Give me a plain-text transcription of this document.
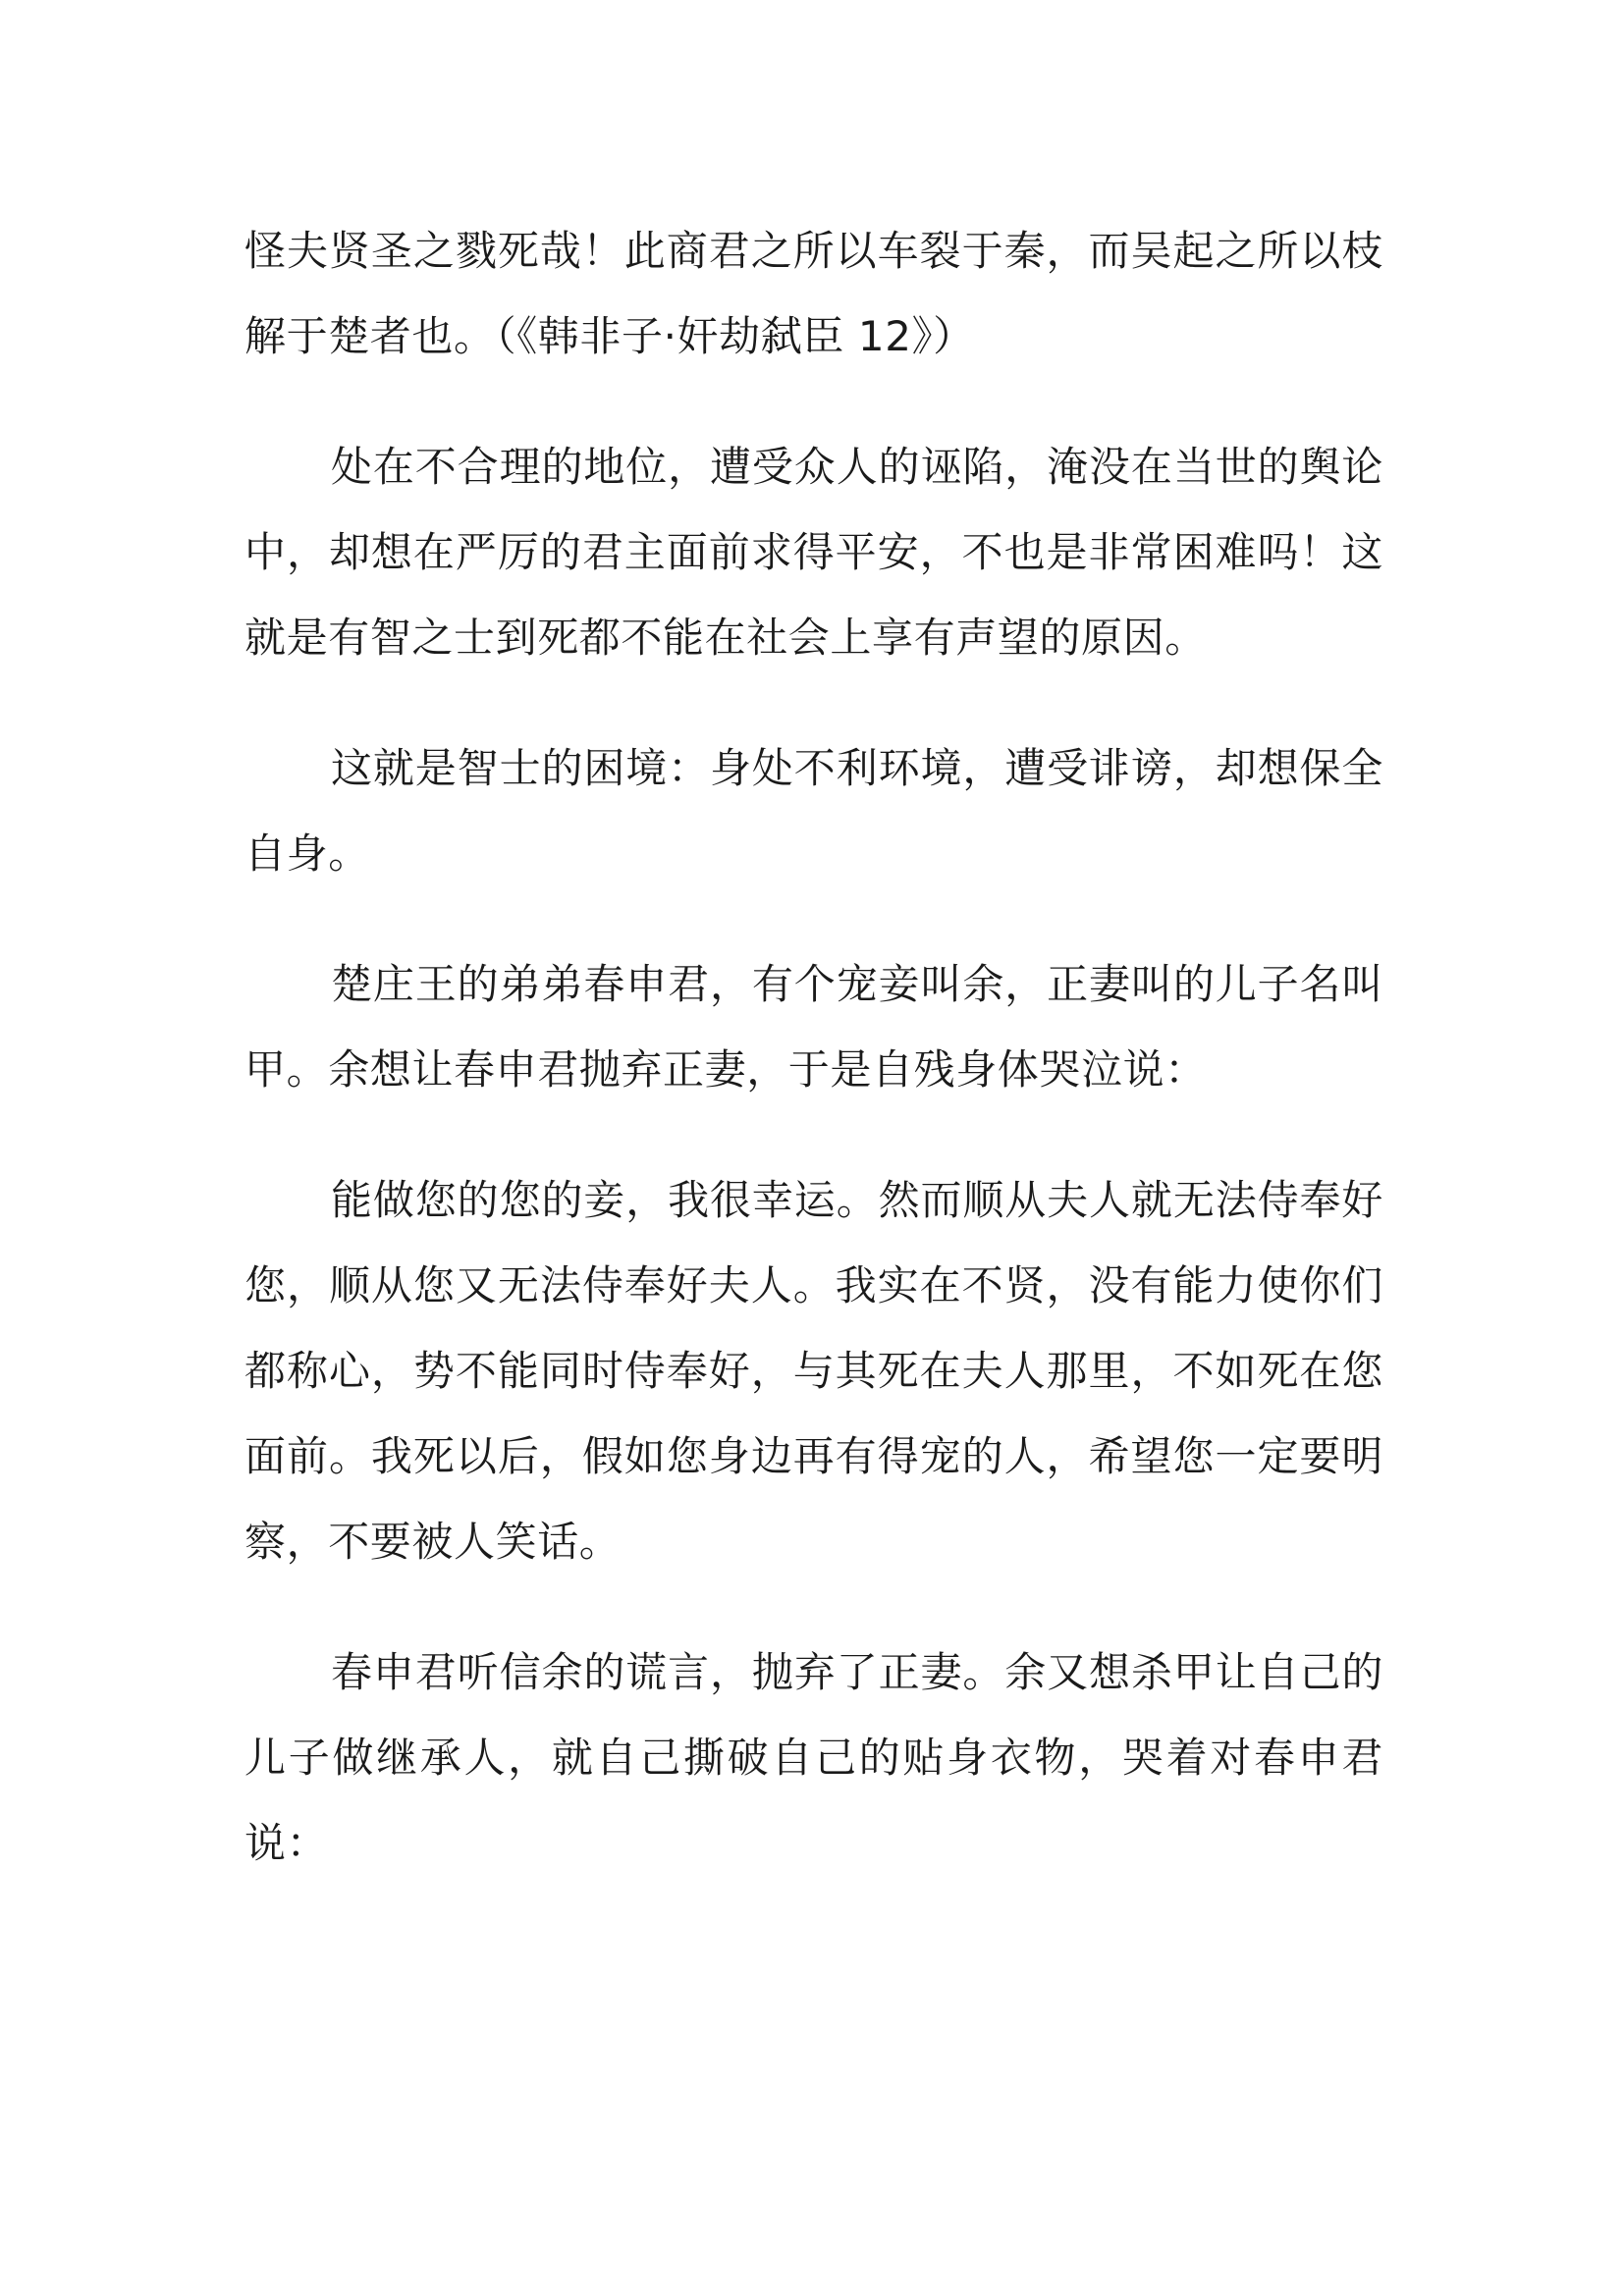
怪夫贤圣之戮死哉！此商君之所以车裂于秦，而吴起之所以枝解于楚者也。（《韩非子·奸劫弑臣 12》）

处在不合理的地位，遭受众人的诬陷，淹没在当世的舆论中，却想在严厉的君主面前求得平安，不也是非常困难吗！这就是有智之士到死都不能在社会上享有声望的原因。

这就是智士的困境：身处不利环境，遭受诽谤，却想保全自身。

楚庄王的弟弟春申君，有个宠妾叫余，正妻叫的儿子名叫甲。余想让春申君抛弃正妻，于是自残身体哭泣说：

能做您的您的妾，我很幸运。然而顺从夫人就无法侍奉好您，顺从您又无法侍奉好夫人。我实在不贤，没有能力使你们都称心，势不能同时侍奉好，与其死在夫人那里，不如死在您面前。我死以后，假如您身边再有得宠的人，希望您一定要明察，不要被人笑话。

春申君听信余的谎言，抛弃了正妻。余又想杀甲让自己的儿子做继承人，就自己撕破自己的贴身衣物，哭着对春申君说：
